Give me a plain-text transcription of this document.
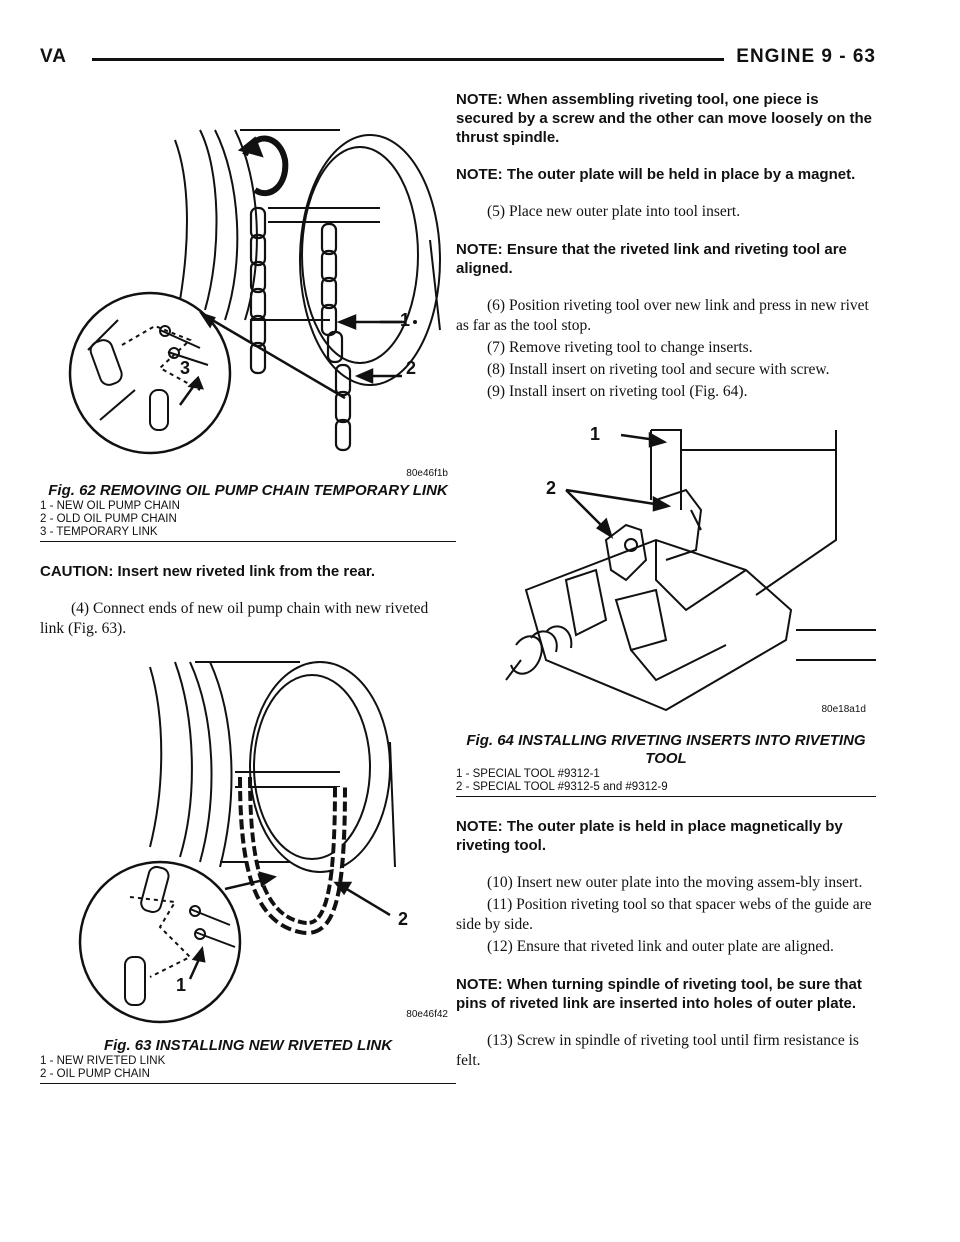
VA	ENGINE 9 - 63
1
2
3
80e46f1b
Fig. 62 REMOVING OIL PUMP CHAIN TEMPORARY LINK
1 - NEW OIL PUMP CHAIN
2 - OLD OIL PUMP CHAIN
3 - TEMPORARY LINK

CAUTION: Insert new riveted link from the rear.

(4) Connect ends of new oil pump chain with new riveted link (Fig. 63).

2
1
80e46f42
Fig. 63 INSTALLING NEW RIVETED LINK
1 - NEW RIVETED LINK
2 - OIL PUMP CHAIN

NOTE: When assembling riveting tool, one piece is secured by a screw and the other can move loosely on the thrust spindle.

NOTE: The outer plate will be held in place by a magnet.

(5) Place new outer plate into tool insert.

NOTE: Ensure that the riveted link and riveting tool are aligned.

(6) Position riveting tool over new link and press in new rivet as far as the tool stop.

(7) Remove riveting tool to change inserts.

(8) Install insert on riveting tool and secure with screw.

(9) Install insert on riveting tool (Fig. 64).

1
2
80e18a1d
Fig. 64 INSTALLING RIVETING INSERTS INTO RIVETING TOOL
1 - SPECIAL TOOL #9312-1
2 - SPECIAL TOOL #9312-5 and #9312-9

NOTE: The outer plate is held in place magnetically by riveting tool.

(10) Insert new outer plate into the moving assem-bly insert.

(11) Position riveting tool so that spacer webs of the guide are side by side.

(12) Ensure that riveted link and outer plate are aligned.

NOTE: When turning spindle of riveting tool, be sure that pins of riveted link are inserted into holes of outer plate.

(13) Screw in spindle of riveting tool until firm resistance is felt.
